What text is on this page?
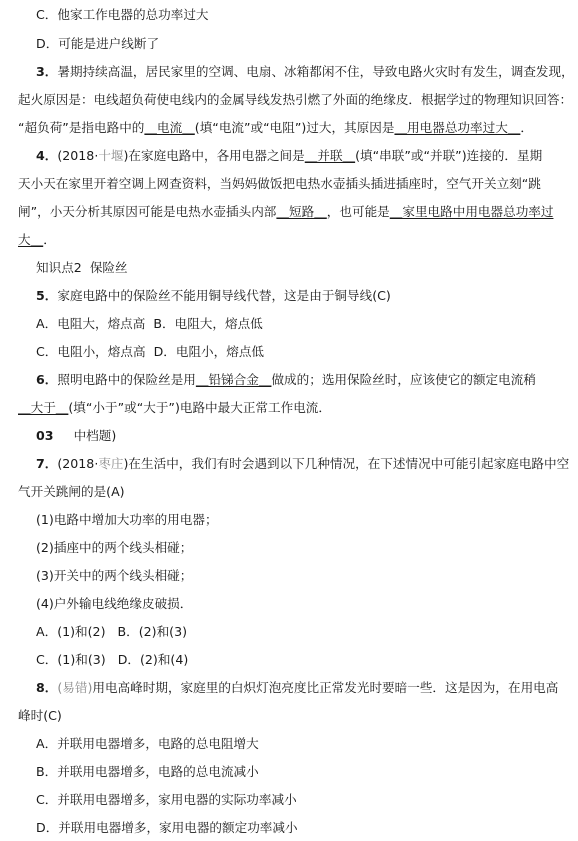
C．他家工作电器的总功率过大
D．可能是进户线断了
3．暑期持续高温，居民家里的空调、电扇、冰箱都闲不住，导致电路火灾时有发生，调查发现，
起火原因是：电线超负荷使电线内的金属导线发热引燃了外面的绝缘皮．根据学过的物理知识回答：
“超负荷”是指电路中的＿电流＿(填“电流”或“电阻”)过大，其原因是＿用电器总功率过大＿．
4．(2018·十堰)在家庭电路中，各用电器之间是＿并联＿(填“串联”或“并联”)连接的．星期
天小天在家里开着空调上网查资料，当妈妈做饭把电热水壶插头插进插座时，空气开关立刻“跳
闸”，小天分析其原因可能是电热水壶插头内部＿短路＿，也可能是＿家里电路中用电器总功率过
大＿．
知识点2 保险丝
5．家庭电路中的保险丝不能用铜导线代替，这是由于铜导线(C)
A．电阻大，熔点高 B．电阻大，熔点低
C．电阻小，熔点高 D．电阻小，熔点低
6．照明电路中的保险丝是用＿铅锑合金＿做成的；选用保险丝时，应该使它的额定电流稍
＿大于＿(填“小于”或“大于”)电路中最大正常工作电流．
03 中档题)
7．(2018·枣庄)在生活中，我们有时会遇到以下几种情况，在下述情况中可能引起家庭电路中空
气开关跳闸的是(A)
(1)电路中增加大功率的用电器；
(2)插座中的两个线头相碰；
(3)开关中的两个线头相碰；
(4)户外输电线绝缘皮破损．
A．(1)和(2) B．(2)和(3)
C．(1)和(3) D．(2)和(4)
8．(易错)用电高峰时期，家庭里的白炽灯泡亮度比正常发光时要暗一些．这是因为，在用电高
峰时(C)
A．并联用电器增多，电路的总电阻增大
B．并联用电器增多，电路的总电流减小
C．并联用电器增多，家用电器的实际功率减小
D．并联用电器增多，家用电器的额定功率减小
